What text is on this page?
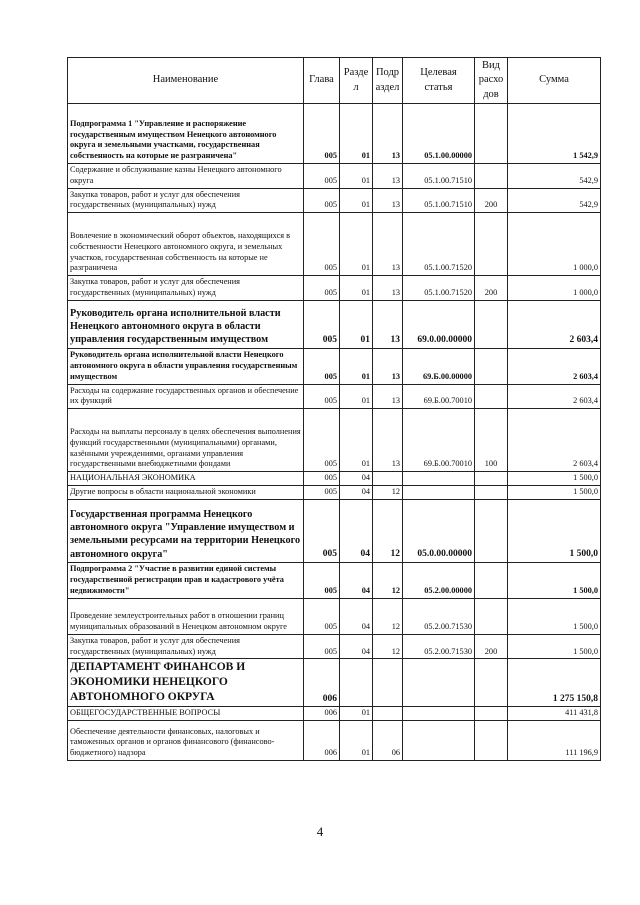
Наименование	Глава	Разде л	Подр аздел	Целевая статья	Вид расхо дов	Сумма
Подпрограмма 1 "Управление и распоряжение государственным имуществом Ненецкого автономного округа и земельными участками, государственная собственность на которые не разграничена"	005	01	13	05.1.00.00000		1 542,9
Содержание и обслуживание казны Ненецкого автономного округа	005	01	13	05.1.00.71510		542,9
Закупка товаров, работ и услуг для обеспечения государственных (муниципальных) нужд	005	01	13	05.1.00.71510	200	542,9
Вовлечение в экономический оборот объектов, находящихся в собственности Ненецкого автономного округа, и земельных участков, государственная собственность на которые не разграничена	005	01	13	05.1.00.71520		1 000,0
Закупка товаров, работ и услуг для обеспечения государственных (муниципальных) нужд	005	01	13	05.1.00.71520	200	1 000,0
Руководитель органа исполнительной власти Ненецкого автономного округа в области управления государственным имуществом	005	01	13	69.0.00.00000		2 603,4
Руководитель органа исполнительной власти Ненецкого автономного округа в области управления государственным имуществом	005	01	13	69.Б.00.00000		2 603,4
Расходы на содержание государственных органов и обеспечение их функций	005	01	13	69.Б.00.70010		2 603,4
Расходы на выплаты персоналу в целях обеспечения выполнения функций государственными (муниципальными) органами, казёнными учреждениями, органами управления государственными внебюджетными фондами	005	01	13	69.Б.00.70010	100	2 603,4
НАЦИОНАЛЬНАЯ ЭКОНОМИКА	005	04				1 500,0
Другие вопросы в области национальной экономики	005	04	12			1 500,0
Государственная программа Ненецкого автономного округа "Управление имуществом и земельными ресурсами на территории Ненецкого автономного округа"	005	04	12	05.0.00.00000		1 500,0
Подпрограмма 2 "Участие в развитии единой системы государственной регистрации прав и кадастрового учёта недвижимости"	005	04	12	05.2.00.00000		1 500,0
Проведение землеустроительных работ в отношении границ муниципальных образований в Ненецком автономном округе	005	04	12	05.2.00.71530		1 500,0
Закупка товаров, работ и услуг для обеспечения государственных (муниципальных) нужд	005	04	12	05.2.00.71530	200	1 500,0
ДЕПАРТАМЕНТ ФИНАНСОВ И ЭКОНОМИКИ НЕНЕЦКОГО АВТОНОМНОГО ОКРУГА	006					1 275 150,8
ОБЩЕГОСУДАРСТВЕННЫЕ ВОПРОСЫ	006	01				411 431,8
Обеспечение деятельности финансовых, налоговых и таможенных органов и органов финансового (финансово-бюджетного) надзора	006	01	06			111 196,9
4
